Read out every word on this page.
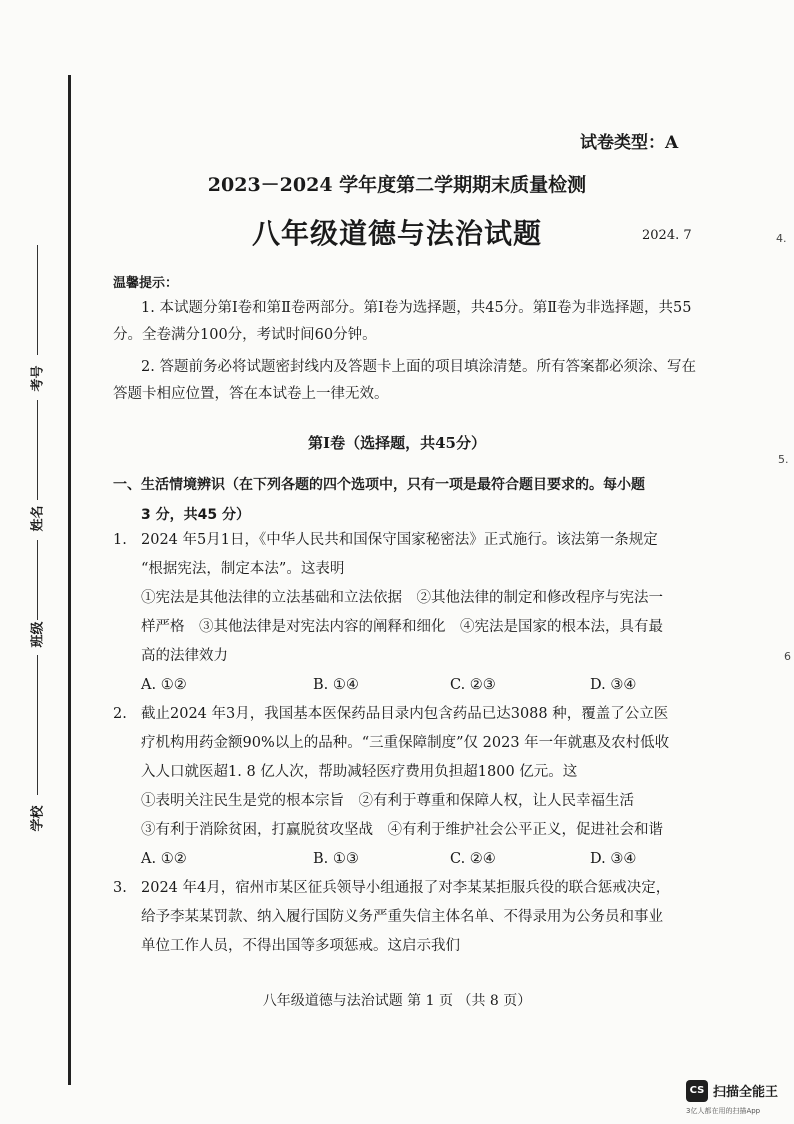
考号
姓名
班级
学校
试卷类型：A
2023－2024 学年度第二学期期末质量检测
八年级道德与法治试题	2024. 7
温馨提示：
1. 本试题分第Ⅰ卷和第Ⅱ卷两部分。第Ⅰ卷为选择题，共45分。第Ⅱ卷为非选择题，共55分。全卷满分100分，考试时间60分钟。
2. 答题前务必将试题密封线内及答题卡上面的项目填涂清楚。所有答案都必须涂、写在答题卡相应位置，答在本试卷上一律无效。
第Ⅰ卷（选择题，共45分）
一、生活情境辨识（在下列各题的四个选项中，只有一项是最符合题目要求的。每小题
3 分，共45 分）
1. 2024 年5月1日，《中华人民共和国保守国家秘密法》正式施行。该法第一条规定
“根据宪法，制定本法”。这表明
①宪法是其他法律的立法基础和立法依据　②其他法律的制定和修改程序与宪法一
样严格　③其他法律是对宪法内容的阐释和细化　④宪法是国家的根本法，具有最
高的法律效力
A. ①②	B. ①④	C. ②③	D. ③④
2. 截止2024 年3月，我国基本医保药品目录内包含药品已达3088 种，覆盖了公立医
疗机构用药金额90%以上的品种。“三重保障制度”仅 2023 年一年就惠及农村低收
入人口就医超1. 8 亿人次，帮助减轻医疗费用负担超1800 亿元。这
①表明关注民生是党的根本宗旨　②有利于尊重和保障人权，让人民幸福生活
③有利于消除贫困，打赢脱贫攻坚战　④有利于维护社会公平正义，促进社会和谐
A. ①②	B. ①③	C. ②④	D. ③④
3. 2024 年4月，宿州市某区征兵领导小组通报了对李某某拒服兵役的联合惩戒决定，
给予李某某罚款、纳入履行国防义务严重失信主体名单、不得录用为公务员和事业
单位工作人员，不得出国等多项惩戒。这启示我们
八年级道德与法治试题 第 1 页 （共 8 页）
4.
5.
6
CS 扫描全能王
3亿人都在用的扫描App
